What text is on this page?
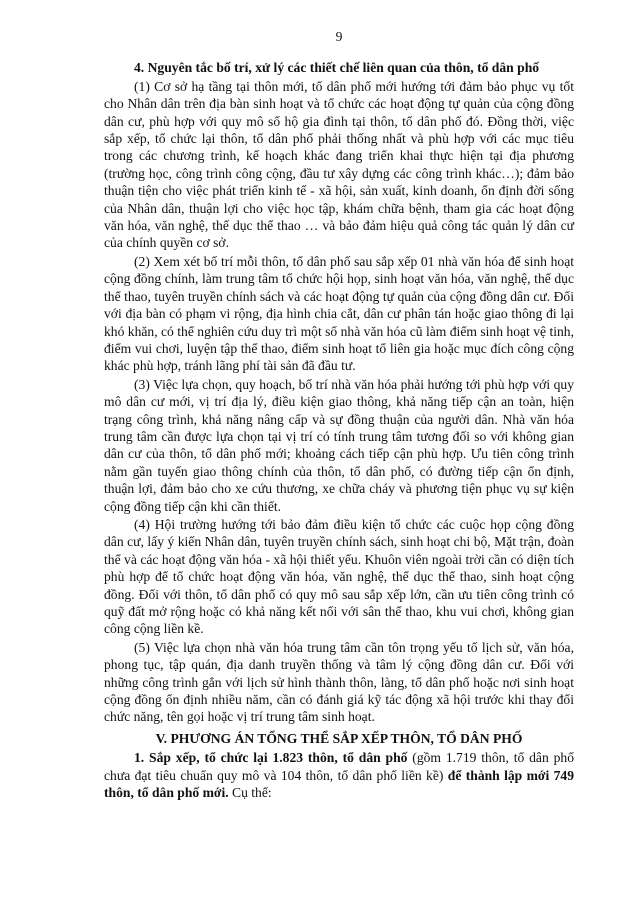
9

4. Nguyên tắc bố trí, xử lý các thiết chế liên quan của thôn, tổ dân phố

(1) Cơ sở hạ tầng tại thôn mới, tổ dân phố mới hướng tới đảm bảo phục vụ tốt cho Nhân dân trên địa bàn sinh hoạt và tổ chức các hoạt động tự quản của cộng đồng dân cư, phù hợp với quy mô số hộ gia đình tại thôn, tổ dân phố đó. Đồng thời, việc sắp xếp, tổ chức lại thôn, tổ dân phố phải thống nhất và phù hợp với các mục tiêu trong các chương trình, kế hoạch khác đang triển khai thực hiện tại địa phương (trường học, công trình công cộng, đầu tư xây dựng các công trình khác…); đảm bảo thuận tiện cho việc phát triển kinh tế - xã hội, sản xuất, kinh doanh, ổn định đời sống của Nhân dân, thuận lợi cho việc học tập, khám chữa bệnh, tham gia các hoạt động văn hóa, văn nghệ, thể dục thể thao … và bảo đảm hiệu quả công tác quản lý dân cư của chính quyền cơ sở.

(2) Xem xét bố trí mỗi thôn, tổ dân phố sau sắp xếp 01 nhà văn hóa để sinh hoạt cộng đồng chính, làm trung tâm tổ chức hội họp, sinh hoạt văn hóa, văn nghệ, thể dục thể thao, tuyên truyền chính sách và các hoạt động tự quản của cộng đồng dân cư. Đối với địa bàn có phạm vi rộng, địa hình chia cắt, dân cư phân tán hoặc giao thông đi lại khó khăn, có thể nghiên cứu duy trì một số nhà văn hóa cũ làm điểm sinh hoạt vệ tinh, điểm vui chơi, luyện tập thể thao, điểm sinh hoạt tổ liên gia hoặc mục đích công cộng khác phù hợp, tránh lãng phí tài sản đã đầu tư.

(3) Việc lựa chọn, quy hoạch, bố trí nhà văn hóa phải hướng tới phù hợp với quy mô dân cư mới, vị trí địa lý, điều kiện giao thông, khả năng tiếp cận an toàn, hiện trạng công trình, khả năng nâng cấp và sự đồng thuận của người dân. Nhà văn hóa trung tâm cần được lựa chọn tại vị trí có tính trung tâm tương đối so với không gian dân cư của thôn, tổ dân phố mới; khoảng cách tiếp cận phù hợp. Ưu tiên công trình nằm gần tuyến giao thông chính của thôn, tổ dân phố, có đường tiếp cận ổn định, thuận lợi, đảm bảo cho xe cứu thương, xe chữa cháy và phương tiện phục vụ sự kiện cộng đồng tiếp cận khi cần thiết.

(4) Hội trường hướng tới bảo đảm điều kiện tổ chức các cuộc họp cộng đồng dân cư, lấy ý kiến Nhân dân, tuyên truyền chính sách, sinh hoạt chi bộ, Mặt trận, đoàn thể và các hoạt động văn hóa - xã hội thiết yếu. Khuôn viên ngoài trời cần có diện tích phù hợp để tổ chức hoạt động văn hóa, văn nghệ, thể dục thể thao, sinh hoạt cộng đồng. Đối với thôn, tổ dân phố có quy mô sau sắp xếp lớn, cần ưu tiên công trình có quỹ đất mở rộng hoặc có khả năng kết nối với sân thể thao, khu vui chơi, không gian công cộng liền kề.

(5) Việc lựa chọn nhà văn hóa trung tâm cần tôn trọng yếu tố lịch sử, văn hóa, phong tục, tập quán, địa danh truyền thống và tâm lý cộng đồng dân cư. Đối với những công trình gắn với lịch sử hình thành thôn, làng, tổ dân phố hoặc nơi sinh hoạt cộng đồng ổn định nhiều năm, cần có đánh giá kỹ tác động xã hội trước khi thay đổi chức năng, tên gọi hoặc vị trí trung tâm sinh hoạt.

V. PHƯƠNG ÁN TỔNG THỂ SẮP XẾP THÔN, TỔ DÂN PHỐ

1. Sắp xếp, tổ chức lại 1.823 thôn, tổ dân phố (gồm 1.719 thôn, tổ dân phố chưa đạt tiêu chuẩn quy mô và 104 thôn, tổ dân phố liền kề) để thành lập mới 749 thôn, tổ dân phố mới. Cụ thể:
